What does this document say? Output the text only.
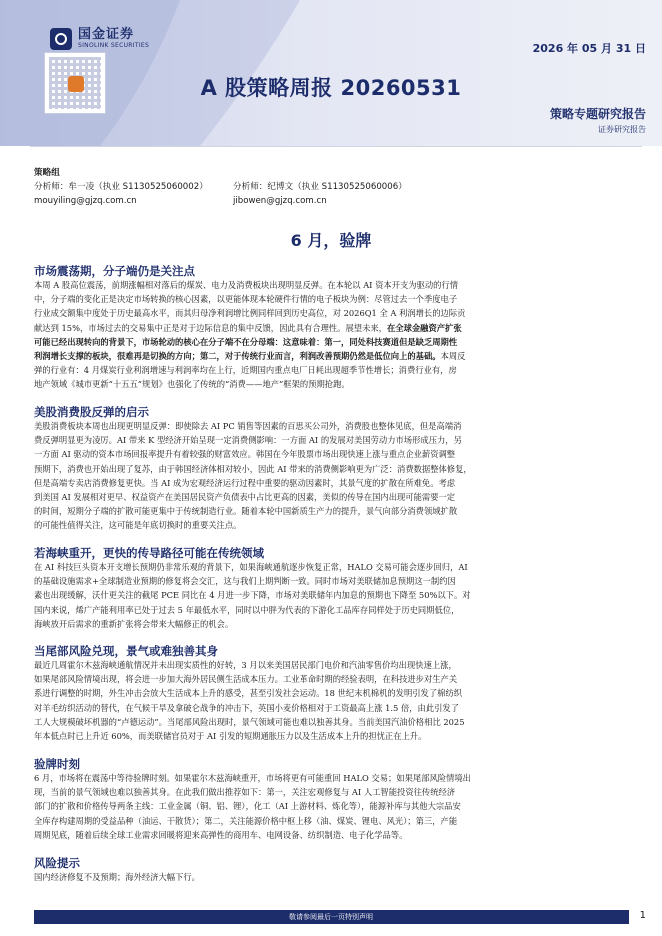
国金证券
SINOLINK SECURITIES	2026 年 05 月 31 日
A 股策略周报 20260531
策略专题研究报告
证券研究报告
策略组
分析师：牟一凌（执业 S1130525060002）
mouyiling@gjzq.com.cn
分析师：纪博文（执业 S1130525060006）
jibowen@gjzq.com.cn
6 月，验牌
市场震荡期，分子端仍是关注点

本周 A 股高位震荡，前期涨幅相对落后的煤炭、电力及消费板块出现明显反弹。在本轮以 AI 资本开支为驱动的行情
中，分子端的变化正是决定市场转换的核心因素，以更能体现本轮硬件行情的电子板块为例：尽管过去一个季度电子
行业成交额集中度处于历史最高水平，而其归母净利润增比例同样回到历史高位，对 2026Q1 全 A 利润增长的边际贡
献达到 15%，市场过去的交易集中正是对于边际信息的集中反馈，因此具有合理性。展望未来，在全球金融资产扩张
可能已经出现转向的背景下，市场轮动的核心在分子端不在分母端：这意味着：第一，同处科技赛道但是缺乏周期性
利润增长支撑的板块，很难再是切换的方向；第二，对于传统行业而言，利润改善预期仍然是低位向上的基础。本周反
弹的行业有：4 月煤炭行业利润增速与利润率均在上行，近期国内重点电厂日耗出现超季节性增长；消费行业有，房
地产领域《城市更新“十五五”规划》也强化了传统的“消费——地产”框架的预期抢跑。

美股消费股反弹的启示

美股消费板块本周也出现更明显反弹：即使除去 AI PC 销售等因素的百思买公司外，消费股也整体见底，但是高端消
费反弹明显更为凌厉。AI 带来 K 型经济开始呈现一定消费侧影响：一方面 AI 的发展对美国劳动力市场形成压力，另
一方面 AI 驱动的资本市场回报率提升有着较强的财富效应。韩国在今年股票市场出现快速上涨与重点企业薪资调整
预期下，消费也开始出现了复苏，由于韩国经济体相对较小，因此 AI 带来的消费侧影响更为广泛：消费数据整体修复，
但是高端专卖店消费修复更快。当 AI 成为宏观经济运行过程中重要的驱动因素时，其景气度的扩散在所难免。考虑
到美国 AI 发展相对更早、权益资产在美国居民资产负债表中占比更高的因素，美似的传导在国内出现可能需要一定
的时间，短期分子端的扩散可能更集中于传统制造行业。随着本轮中国新质生产力的提升，景气向部分消费领域扩散
的可能性值得关注，这可能是年底切换时的重要关注点。

若海峡重开，更快的传导路径可能在传统领域

在 AI 科技巨头资本开支增长预期仍非常乐观的背景下，如果海峡通航逐步恢复正常，HALO 交易可能会逐步回归，AI
的基础设施需求+全球制造业预期的修复将会交汇，这与我们上期判断一致。同时市场对美联储加息预期这一制约因
素也出现缓解，沃什更关注的截尾 PCE 同比在 4 月进一步下降，市场对美联储年内加息的预期也下降至 50%以下。对
国内来说，烯广产能利用率已处于过去 5 年最低水平，同时以中胖为代表的下游化工品库存同样处于历史同期低位，
海峡放开后需求的重新扩张将会带来大幅修正的机会。

当尾部风险兑现，景气或难独善其身

最近几周霍尔木兹海峡通航情况并未出现实质性的好转，3 月以来美国居民部门电价和汽油零售价均出现快速上涨，
如果尾部风险情境出现，将会进一步加大海外居民侧生活成本压力。工业革命时期的经验表明，在科技进步对生产关
系进行调整的时期，外生冲击会放大生活成本上升的感受，甚至引发社会运动。18 世纪末机棉机的发明引发了棉纺织
对羊毛纺织活动的替代，在气候干旱及拿破仑战争的冲击下，英国小麦价格相对于工资最高上涨 1.5 倍，由此引发了
工人大规模破坏机器的“卢德运动”。当尾部风险出现时，景气领域可能也难以独善其身。当前美国汽油价格相比 2025
年本低点时已上升近 60%，而美联储官员对于 AI 引发的短期通胀压力以及生活成本上升的担忧正在上升。

验牌时刻

6 月，市场将在震荡中等待验牌时刻。如果霍尔木兹海峡重开，市场将更有可能重回 HALO 交易；如果尾部风险情境出
现，当前的景气领域也难以独善其身。在此我们做出推荐如下：第一，关注宏观修复与 AI 人工智能投资往传统经济
部门的扩散和价格传导两条主线：工业金属（铜、铝、锂），化工（AI 上游材料、炼化等），能源补库与其他大宗品安
全库存构建周期的受益品种（油运、干散货）；第二，关注能源价格中枢上移（油、煤炭、锂电、风光）；第三，产能
周期见底，随着后续全球工业需求回暖将迎来高弹性的商用车、电网设备、纺织制造、电子化学品等。

风险提示

国内经济修复不及预期；海外经济大幅下行。

敬请参阅最后一页特别声明	1
